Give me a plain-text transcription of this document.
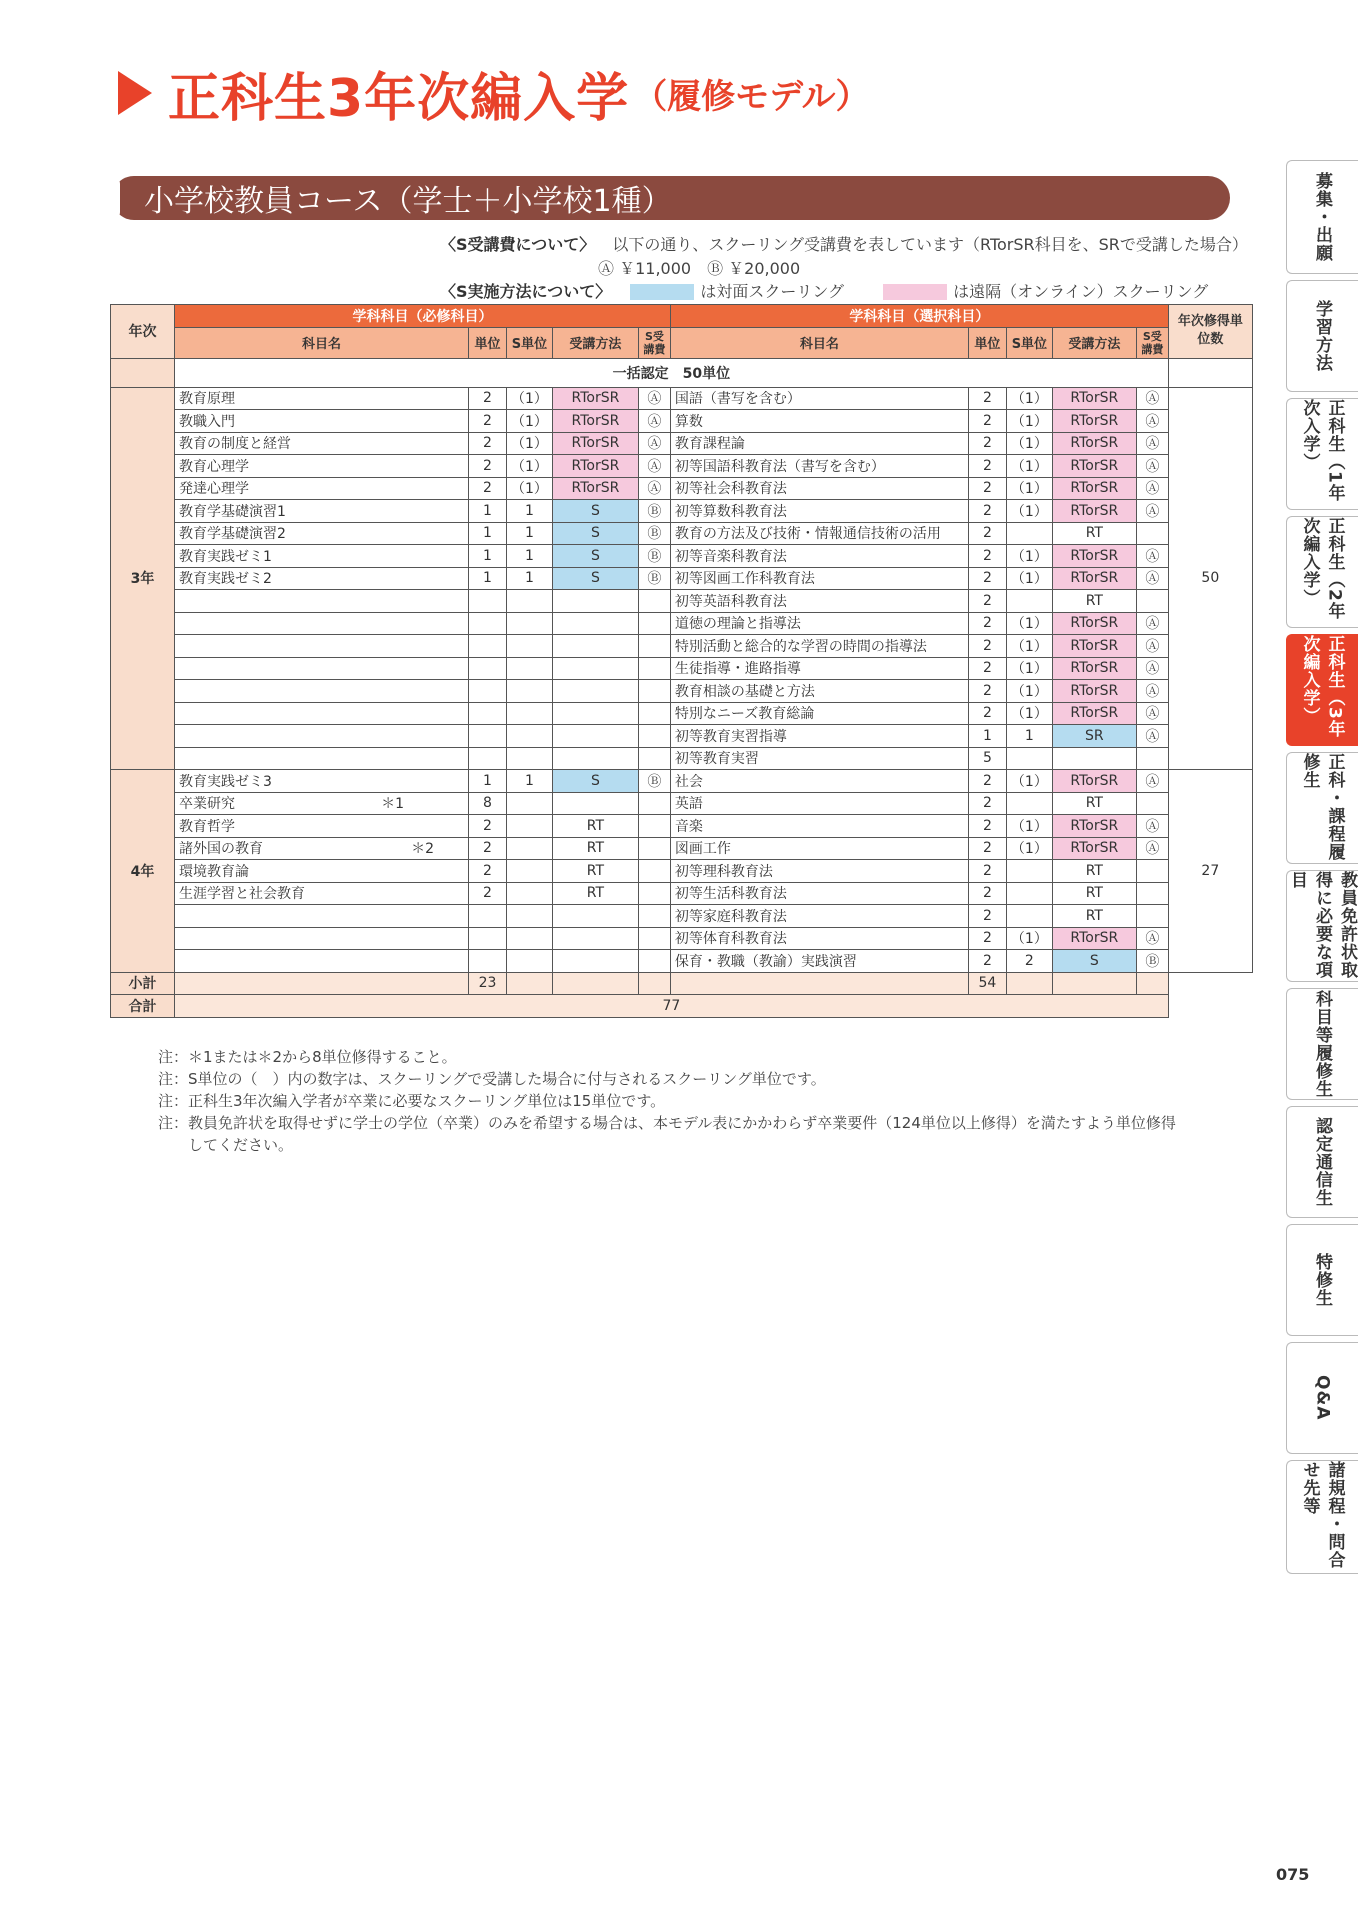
正科生3年次編入学 （履修モデル）
小学校教員コース（学士＋小学校1種）
〈S受講費について〉 以下の通り、スクーリング受講費を表しています（RTorSR科目を、SRで受講した場合）
Ⓐ ￥11,000　Ⓑ ￥20,000
〈S実施方法について〉	は対面スクーリング	は遠隔（オンライン）スクーリング
年次	学科科目（必修科目）					学科科目（選択科目）					年次修得単位数
	科目名	単位	S単位	受講方法	S受講費	科目名	単位	S単位	受講方法	S受講費	
	一括認定　50単位										
3年	教育原理	2	（1）	RTorSR	Ⓐ	国語（書写を含む）	2	（1）	RTorSR	Ⓐ	50
	教職入門	2	（1）	RTorSR	Ⓐ	算数	2	（1）	RTorSR	Ⓐ	
	教育の制度と経営	2	（1）	RTorSR	Ⓐ	教育課程論	2	（1）	RTorSR	Ⓐ	
	教育心理学	2	（1）	RTorSR	Ⓐ	初等国語科教育法（書写を含む）	2	（1）	RTorSR	Ⓐ	
	発達心理学	2	（1）	RTorSR	Ⓐ	初等社会科教育法	2	（1）	RTorSR	Ⓐ	
	教育学基礎演習1	1	1	S	Ⓑ	初等算数科教育法	2	（1）	RTorSR	Ⓐ	
	教育学基礎演習2	1	1	S	Ⓑ	教育の方法及び技術・情報通信技術の活用	2		RT		
	教育実践ゼミ1	1	1	S	Ⓑ	初等音楽科教育法	2	（1）	RTorSR	Ⓐ	
	教育実践ゼミ2	1	1	S	Ⓑ	初等図画工作科教育法	2	（1）	RTorSR	Ⓐ	
						初等英語科教育法	2		RT		
						道徳の理論と指導法	2	（1）	RTorSR	Ⓐ	
						特別活動と総合的な学習の時間の指導法	2	（1）	RTorSR	Ⓐ	
						生徒指導・進路指導	2	（1）	RTorSR	Ⓐ	
						教育相談の基礎と方法	2	（1）	RTorSR	Ⓐ	
						特別なニーズ教育総論	2	（1）	RTorSR	Ⓐ	
						初等教育実習指導	1	1	SR	Ⓐ	
						初等教育実習	5				
4年	教育実践ゼミ3	1	1	S	Ⓑ	社会	2	（1）	RTorSR	Ⓐ	27
	卒業研究 ＊1	8				英語	2		RT		
	教育哲学	2		RT		音楽	2	（1）	RTorSR	Ⓐ	
	諸外国の教育 ＊2	2		RT		図画工作	2	（1）	RTorSR	Ⓐ	
	環境教育論	2		RT		初等理科教育法	2		RT		
	生涯学習と社会教育	2		RT		初等生活科教育法	2		RT		
						初等家庭科教育法	2		RT		
						初等体育科教育法	2	（1）	RTorSR	Ⓐ	
						保育・教職（教諭）実践演習	2	2	S	Ⓑ	
小計		23					54				
合計	77										
注：＊1または＊2から8単位修得すること。
注：S単位の（　）内の数字は、スクーリングで受講した場合に付与されるスクーリング単位です。
注：正科生3年次編入学者が卒業に必要なスクーリング単位は15単位です。
注：教員免許状を取得せずに学士の学位（卒業）のみを希望する場合は、本モデル表にかかわらず卒業要件（124単位以上修得）を満たすよう単位修得
　　してください。
募集・出願
学習方法
正科生（1年次入学）
正科生（2年次編入学）
正科生（3年次編入学）
正科・課程履修生
教員免許状取得に必要な項目
科目等履修生
認定通信生
特修生
Q&A
諸規程・問合せ先等
075
